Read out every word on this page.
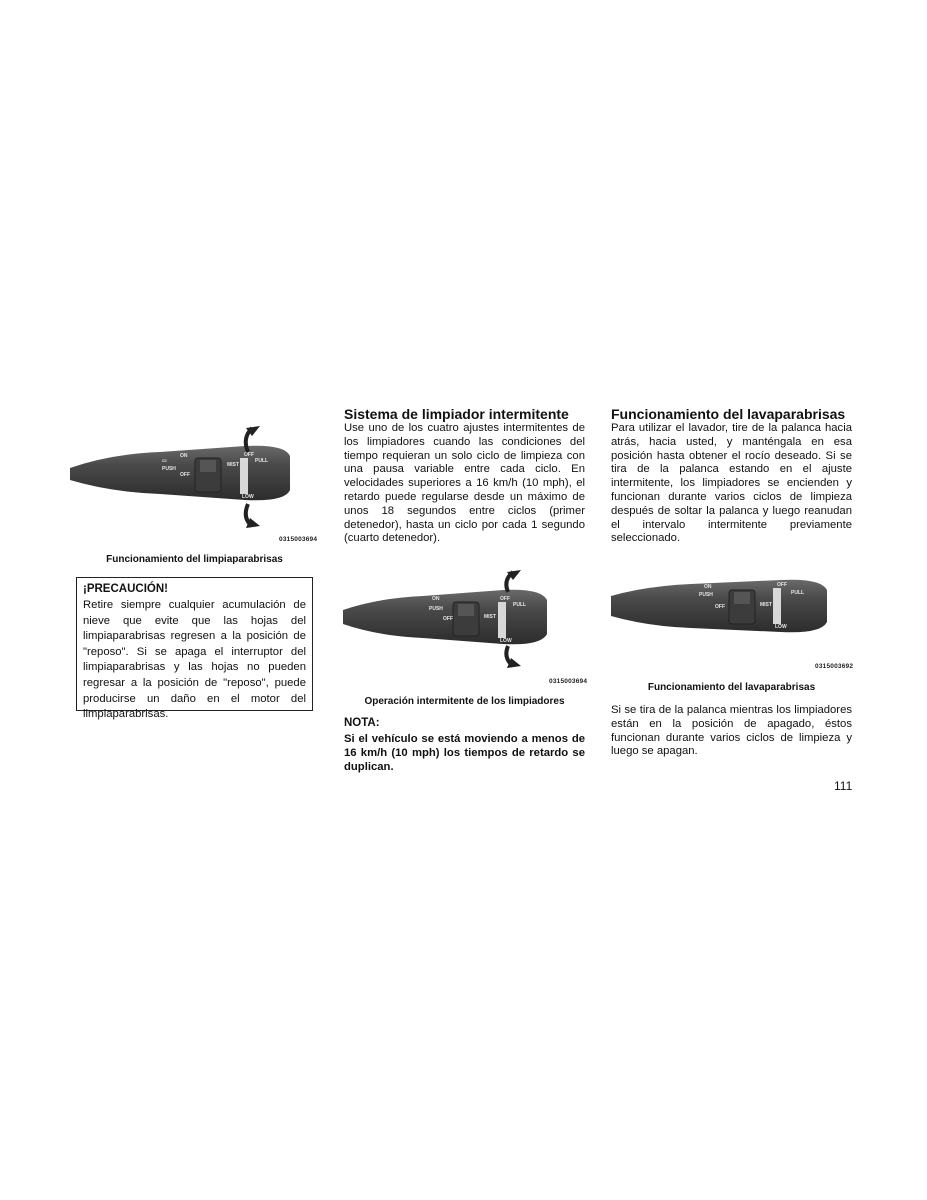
▭
ON
PUSH
OFF
MIST
OFF
PULL
LOW
0315003694
Funcionamiento del limpiaparabrisas

¡PRECAUCIÓN!

Retire siempre cualquier acumulación de nieve que evite que las hojas del limpiaparabrisas regresen a la posición de "reposo". Si se apaga el interruptor del limpiaparabrisas y las hojas no pueden regresar a la posición de "reposo", puede producirse un daño en el motor del limpiaparabrisas.

Sistema de limpiador intermitente

Use uno de los cuatro ajustes intermitentes de los limpiadores cuando las condiciones del tiempo requieran un solo ciclo de limpieza con una pausa variable entre cada ciclo. En velocidades superiores a 16 km/h (10 mph), el retardo puede regularse desde un máximo de unos 18 segundos entre ciclos (primer detenedor), hasta un ciclo por cada 1 segundo (cuarto detenedor).

ON
PUSH
OFF	MIST
OFF
PULL
LOW
0315003694
Operación intermitente de los limpiadores
NOTA:

Si el vehículo se está moviendo a menos de 16 km/h (10 mph) los tiempos de retardo se duplican.

Funcionamiento del lavaparabrisas

Para utilizar el lavador, tire de la palanca hacia atrás, hacia usted, y manténgala en esa posición hasta obtener el rocío deseado. Si se tira de la palanca estando en el ajuste intermitente, los limpiadores se encienden y funcionan durante varios ciclos de limpieza después de soltar la palanca y luego reanudan el intervalo intermitente previamente seleccionado.

ON
PUSH
OFF	MIST
OFF
PULL
LOW
0315003692
Funcionamiento del lavaparabrisas

Si se tira de la palanca mientras los limpiadores están en la posición de apagado, éstos funcionan durante varios ciclos de limpieza y luego se apagan.

111
